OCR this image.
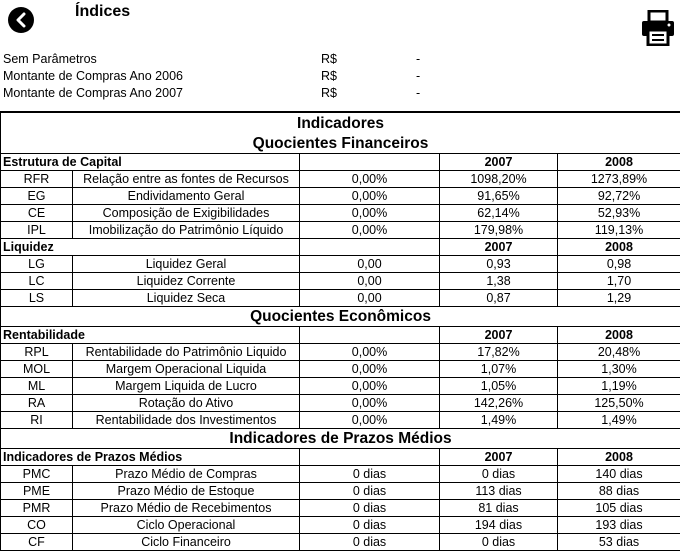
Índices
Sem Parâmetros	R$	-
Montante de Compras Ano 2006	R$	-
Montante de Compras Ano 2007	R$	-
Indicadores				
Quocientes Financeiros				
Estrutura de Capital			2007	2008
RFR	Relação entre as fontes de Recursos	0,00%	1098,20%	1273,89%
EG	Endividamento Geral	0,00%	91,65%	92,72%
CE	Composição de Exigibilidades	0,00%	62,14%	52,93%
IPL	Imobilização do Patrimônio Líquido	0,00%	179,98%	119,13%
Liquidez			2007	2008
LG	Liquidez Geral	0,00	0,93	0,98
LC	Liquidez Corrente	0,00	1,38	1,70
LS	Liquidez Seca	0,00	0,87	1,29
Quocientes Econômicos				
Rentabilidade			2007	2008
RPL	Rentabilidade do Patrimônio Liquido	0,00%	17,82%	20,48%
MOL	Margem Operacional Liquida	0,00%	1,07%	1,30%
ML	Margem Liquida de Lucro	0,00%	1,05%	1,19%
RA	Rotação do Ativo	0,00%	142,26%	125,50%
RI	Rentabilidade dos Investimentos	0,00%	1,49%	1,49%
Indicadores de Prazos Médios				
Indicadores de Prazos Médios			2007	2008
PMC	Prazo Médio de Compras	0 dias	0 dias	140 dias
PME	Prazo Médio de Estoque	0 dias	113 dias	88 dias
PMR	Prazo Médio de Recebimentos	0 dias	81 dias	105 dias
CO	Ciclo Operacional	0 dias	194 dias	193 dias
CF	Ciclo Financeiro	0 dias	0 dias	53 dias
